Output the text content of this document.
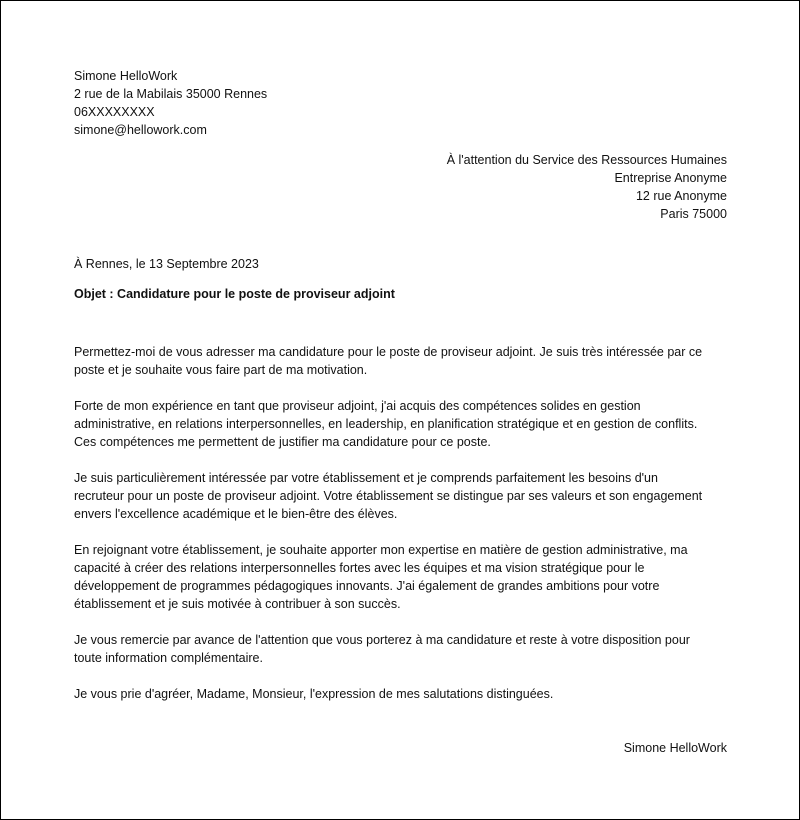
Simone HelloWork
2 rue de la Mabilais 35000 Rennes
06XXXXXXXX
simone@hellowork.com
À l'attention du Service des Ressources Humaines
Entreprise Anonyme
12 rue Anonyme
Paris 75000
À Rennes, le 13 Septembre 2023
Objet : Candidature pour le poste de proviseur adjoint
Permettez-moi de vous adresser ma candidature pour le poste de proviseur adjoint. Je suis très intéressée par ce
poste et je souhaite vous faire part de ma motivation.
Forte de mon expérience en tant que proviseur adjoint, j'ai acquis des compétences solides en gestion
administrative, en relations interpersonnelles, en leadership, en planification stratégique et en gestion de conflits.
Ces compétences me permettent de justifier ma candidature pour ce poste.
Je suis particulièrement intéressée par votre établissement et je comprends parfaitement les besoins d'un
recruteur pour un poste de proviseur adjoint. Votre établissement se distingue par ses valeurs et son engagement
envers l'excellence académique et le bien-être des élèves.
En rejoignant votre établissement, je souhaite apporter mon expertise en matière de gestion administrative, ma
capacité à créer des relations interpersonnelles fortes avec les équipes et ma vision stratégique pour le
développement de programmes pédagogiques innovants. J'ai également de grandes ambitions pour votre
établissement et je suis motivée à contribuer à son succès.
Je vous remercie par avance de l'attention que vous porterez à ma candidature et reste à votre disposition pour
toute information complémentaire.
Je vous prie d'agréer, Madame, Monsieur, l'expression de mes salutations distinguées.
Simone HelloWork
